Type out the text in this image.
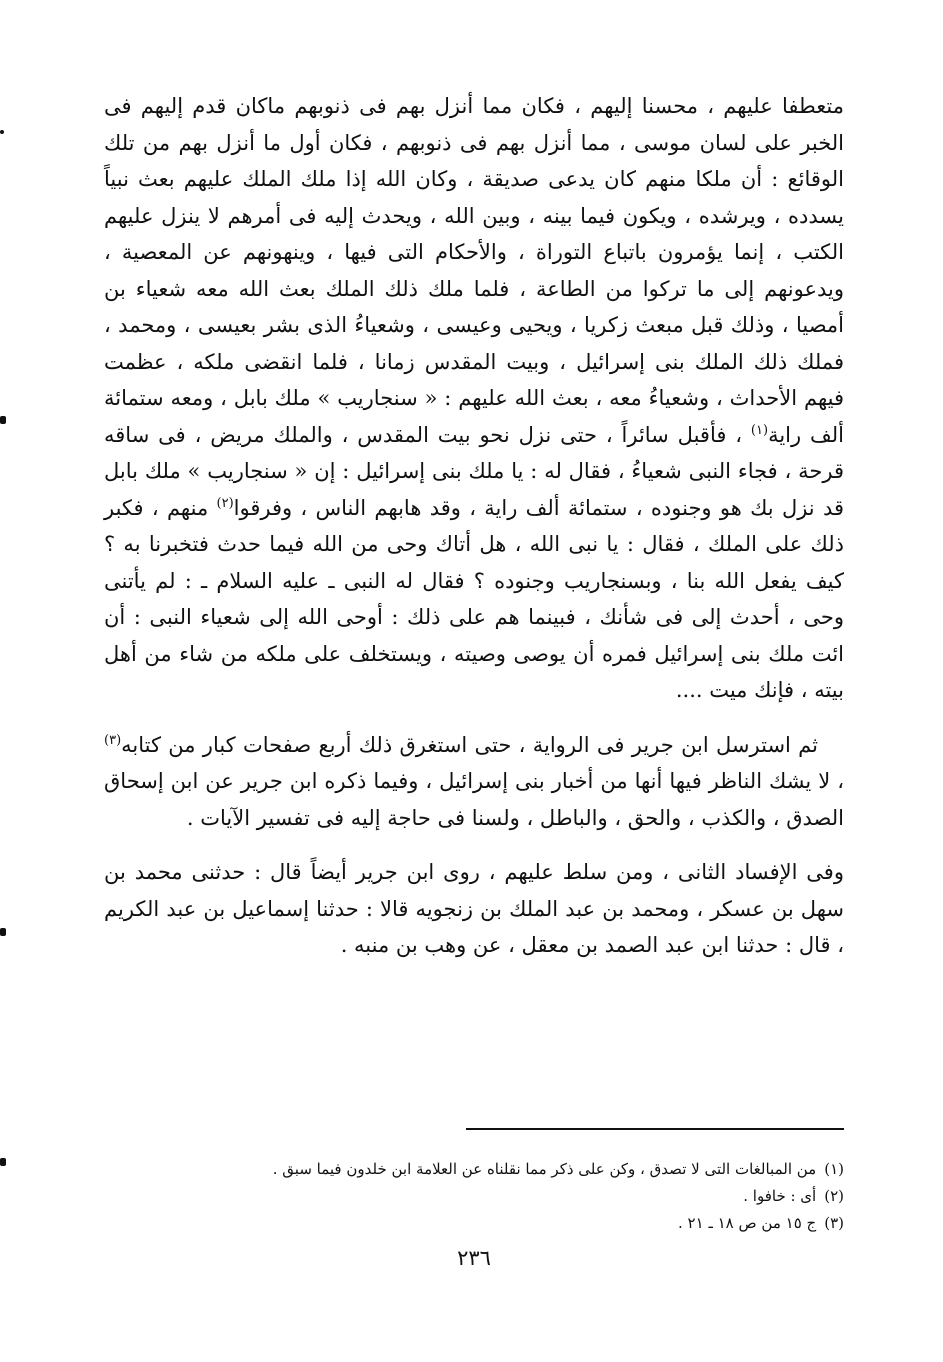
متعطفا عليهم ، محسنا إليهم ، فكان مما أنزل بهم فى ذنوبهم ماكان قدم إليهم فى الخبر على لسان موسى ، مما أنزل بهم فى ذنوبهم ، فكان أول ما أنزل بهم من تلك الوقائع : أن ملكا منهم كان يدعى صديقة ، وكان الله إذا ملك الملك عليهم بعث نبياً يسدده ، ويرشده ، ويكون فيما بينه ، وبين الله ، ويحدث إليه فى أمرهم لا ينزل عليهم الكتب ، إنما يؤمرون باتباع التوراة ، والأحكام التى فيها ، وينهونهم عن المعصية ، ويدعونهم إلى ما تركوا من الطاعة ، فلما ملك ذلك الملك بعث الله معه شعياء بن أمصيا ، وذلك قبل مبعث زكريا ، ويحيى وعيسى ، وشعياءُ الذى بشر بعيسى ، ومحمد ، فملك ذلك الملك بنى إسرائيل ، وبيت المقدس زمانا ، فلما انقضى ملكه ، عظمت فيهم الأحداث ، وشعياءُ معه ، بعث الله عليهم : « سنجاريب » ملك بابل ، ومعه ستمائة ألف راية$^{(١)}$ ، فأقبل سائراً ، حتى نزل نحو بيت المقدس ، والملك مريض ، فى ساقه قرحة ، فجاء النبى شعياءُ ، فقال له : يا ملك بنى إسرائيل : إن « سنجاريب » ملك بابل قد نزل بك هو وجنوده ، ستمائة ألف راية ، وقد هابهم الناس ، وفرقوا$^{(٢)}$ منهم ، فكبر ذلك على الملك ، فقال : يا نبى الله ، هل أتاك وحى من الله فيما حدث فتخبرنا به ؟ كيف يفعل الله بنا ، وبسنجاريب وجنوده ؟ فقال له النبى ـ عليه السلام ـ : لم يأتنى وحى ، أحدث إلى فى شأنك ، فبينما هم على ذلك : أوحى الله إلى شعياء النبى : أن ائت ملك بنى إسرائيل فمره أن يوصى وصيته ، ويستخلف على ملكه من شاء من أهل بيته ، فإنك ميت ....

ثم استرسل ابن جرير فى الرواية ، حتى استغرق ذلك أربع صفحات كبار من كتابه$^{(٣)}$ ، لا يشك الناظر فيها أنها من أخبار بنى إسرائيل ، وفيما ذكره ابن جرير عن ابن إسحاق الصدق ، والكذب ، والحق ، والباطل ، ولسنا فى حاجة إليه فى تفسير الآيات .

وفى الإفساد الثانى ، ومن سلط عليهم ، روى ابن جرير أيضاً قال : حدثنى محمد بن سهل بن عسكر ، ومحمد بن عبد الملك بن زنجويه قالا : حدثنا إسماعيل بن عبد الكريم ، قال : حدثنا ابن عبد الصمد بن معقل ، عن وهب بن منبه .

(١)من المبالغات التى لا تصدق ، وكن على ذكر مما نقلناه عن العلامة ابن خلدون فيما سبق .

(٢)أى : خافوا .

(٣)ج ١٥ من ص ١٨ ـ ٢١ .

٢٣٦
